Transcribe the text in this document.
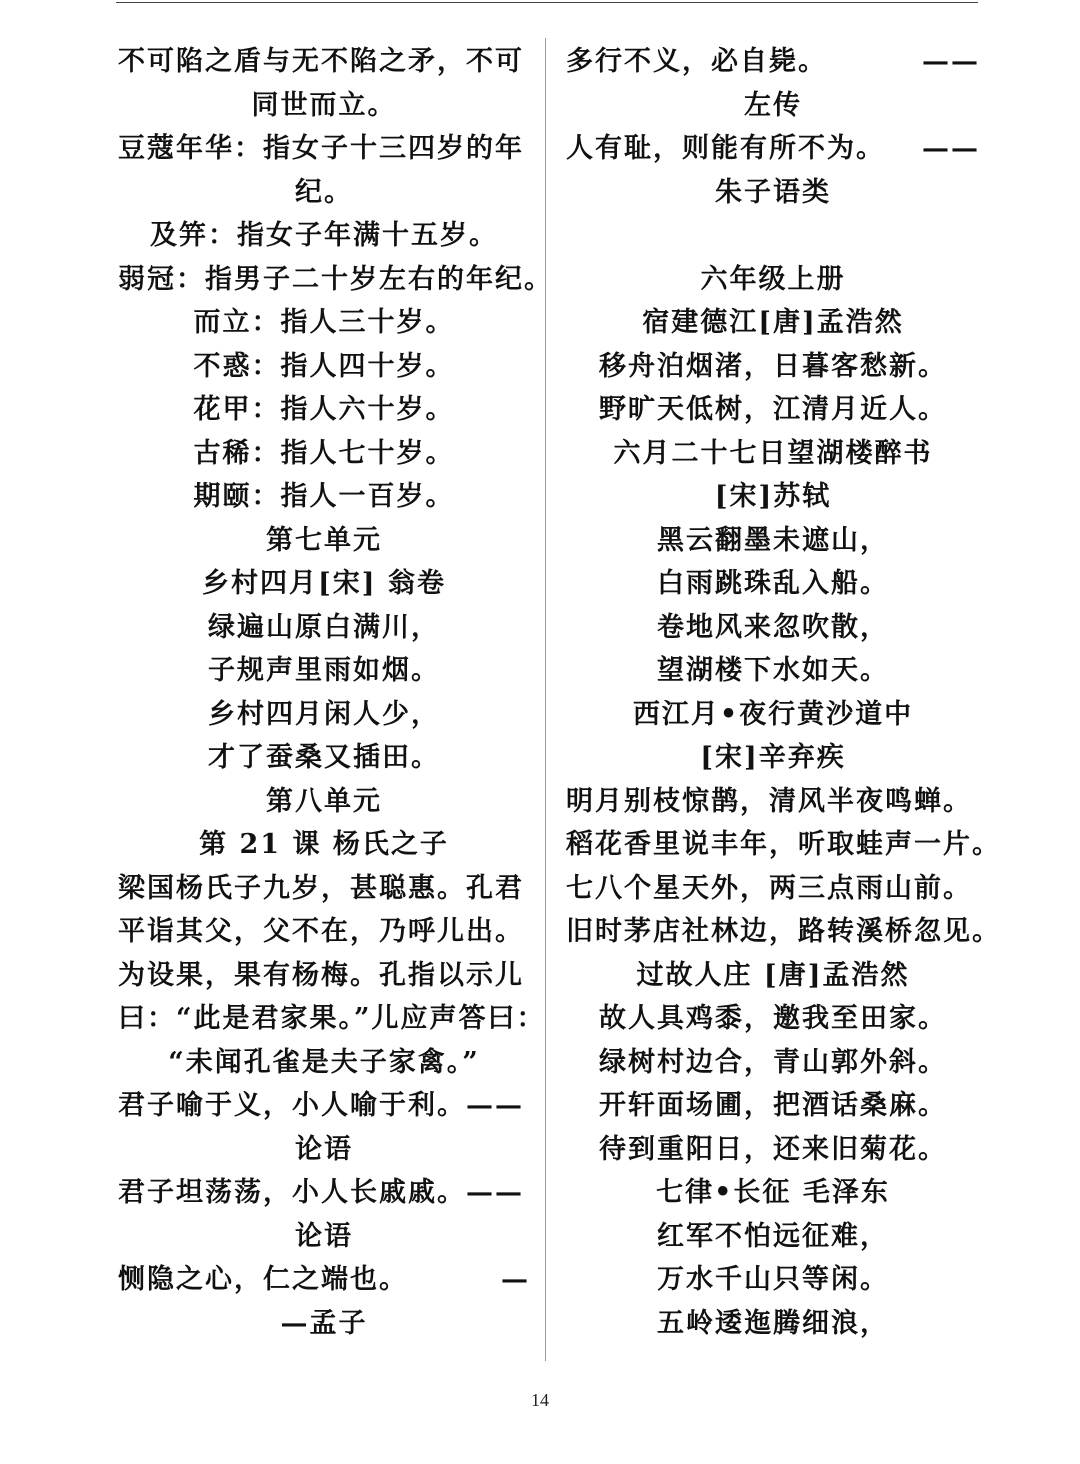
不可陷之盾与无不陷之矛，不可
同世而立。
豆蔻年华：指女子十三四岁的年
纪。
及笄：指女子年满十五岁。
弱冠：指男子二十岁左右的年纪。
而立：指人三十岁。
不惑：指人四十岁。
花甲：指人六十岁。
古稀：指人七十岁。
期颐：指人一百岁。
第七单元
乡村四月[宋] 翁卷
绿遍山原白满川，
子规声里雨如烟。
乡村四月闲人少，
才了蚕桑又插田。
第八单元
第 21 课 杨氏之子
梁国杨氏子九岁，甚聪惠。孔君
平诣其父，父不在，乃呼儿出。
为设果，果有杨梅。孔指以示儿
曰：“此是君家果。”儿应声答曰：
“未闻孔雀是夫子家禽。”
君子喻于义，小人喻于利。——
论语
君子坦荡荡，小人长戚戚。——
论语
恻隐之心，仁之端也。	—
—孟子
多行不义，必自毙。	——
左传
人有耻，则能有所不为。 ——
朱子语类
六年级上册
宿建德江[唐]孟浩然
移舟泊烟渚，日暮客愁新。
野旷天低树，江清月近人。
六月二十七日望湖楼醉书
[宋]苏轼
黑云翻墨未遮山，
白雨跳珠乱入船。
卷地风来忽吹散，
望湖楼下水如天。
西江月•夜行黄沙道中
[宋]辛弃疾
明月别枝惊鹊，清风半夜鸣蝉。
稻花香里说丰年，听取蛙声一片。
七八个星天外，两三点雨山前。
旧时茅店社林边，路转溪桥忽见。
过故人庄 [唐]孟浩然
故人具鸡黍，邀我至田家。
绿树村边合，青山郭外斜。
开轩面场圃，把酒话桑麻。
待到重阳日，还来旧菊花。
七律•长征 毛泽东
红军不怕远征难，
万水千山只等闲。
五岭逶迤腾细浪，
14
